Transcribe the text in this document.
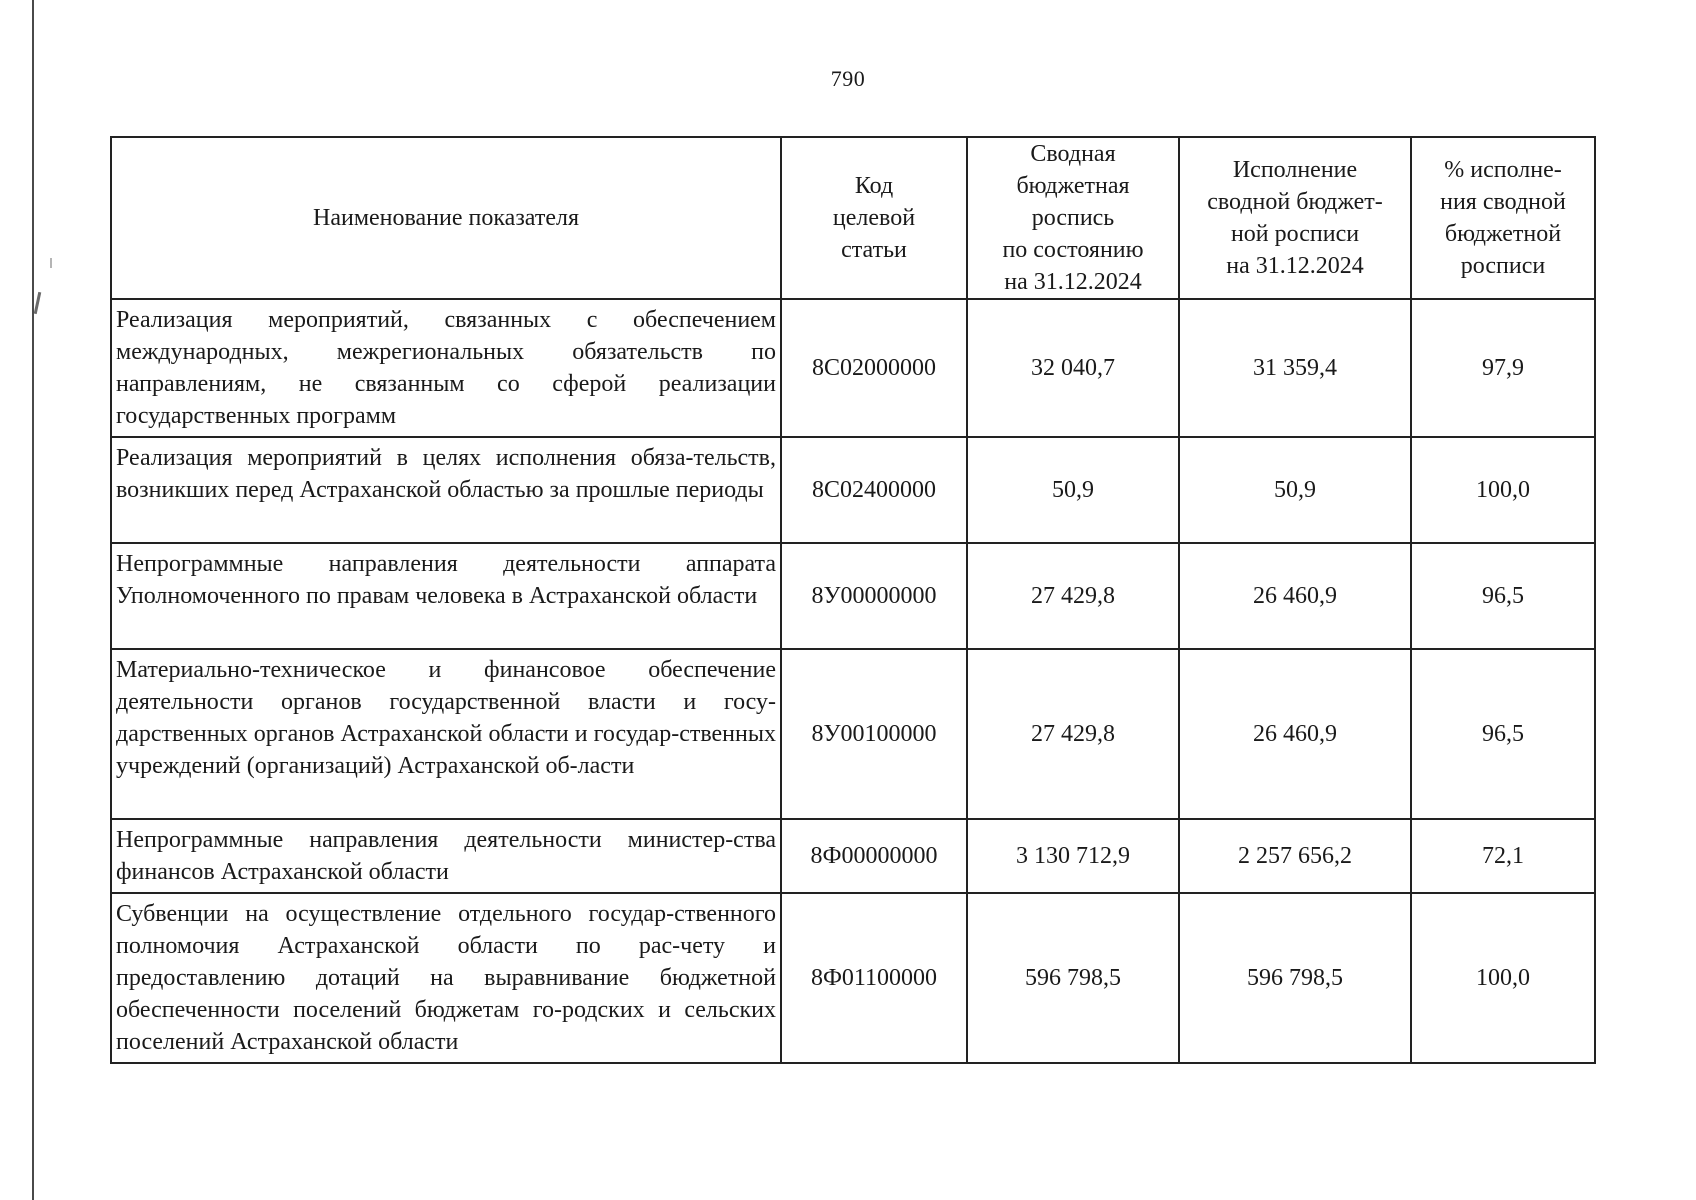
790
Наименование показателя	Код
целевой
статьи	Сводная
бюджетная
роспись
по состоянию
на 31.12.2024	Исполнение
сводной бюджет-
ной росписи
на 31.12.2024	% исполне-
ния сводной
бюджетной
росписи
Реализация мероприятий, связанных с обеспечением международных, межрегиональных обязательств по направлениям, не связанным со сферой реализации государственных программ	8С02000000	32 040,7	31 359,4	97,9
Реализация мероприятий в целях исполнения обяза-тельств, возникших перед Астраханской областью за прошлые периоды	8С02400000	50,9	50,9	100,0
Непрограммные направления деятельности аппарата Уполномоченного по правам человека в Астраханской области	8У00000000	27 429,8	26 460,9	96,5
Материально-техническое и финансовое обеспечение деятельности органов государственной власти и госу-дарственных органов Астраханской области и государ-ственных учреждений (организаций) Астраханской об-ласти	8У00100000	27 429,8	26 460,9	96,5
Непрограммные направления деятельности министер-ства финансов Астраханской области	8Ф00000000	3 130 712,9	2 257 656,2	72,1
Субвенции на осуществление отдельного государ-ственного полномочия Астраханской области по рас-чету и предоставлению дотаций на выравнивание бюджетной обеспеченности поселений бюджетам го-родских и сельских поселений Астраханской области	8Ф01100000	596 798,5	596 798,5	100,0
